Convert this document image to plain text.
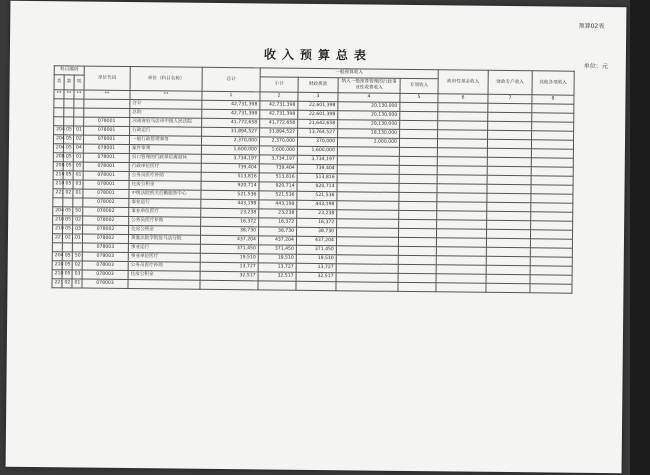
预算02表
收入预算总表
单位：元
科目编码			单位代码	单位（科目名称）	总计	一般预算收入				政府性基金收入	财政专户收入	其他各项收入
类	款	项				小计	财政拨款	纳入一般预算管理的行政事业性收费收入	专项收入			
**	**	**	**	**	1	2	3	4	5	6	7	8
				合计	42,731,398	42,731,398	22,601,398	20,130,000				
				总院	42,731,398	42,731,398	22,601,398	20,130,000				
			078001	河南省驻马店市中级人民法院	41,772,658	41,772,658	21,642,658	20,130,000				
204	05	01	078001	行政运行	31,894,527	31,894,527	13,764,527	18,130,000				
204	05	02	078001	一般行政管理事务	2,370,000	2,370,000	370,000	2,000,000				
204	05	04	078001	案件审判	1,600,000	1,600,000	1,600,000					
208	05	01	078001	归口管理的行政单位离退休	3,734,197	3,734,197	3,734,197					
208	05	05	078001	行政单位医疗	739,404	739,404	739,404					
210	05	01	078001	公务员医疗补助	513,816	513,816	513,816					
210	05	03	078001	住房公积金	920,714	920,714	920,714					
221	02	01	078001	中级法院机关后勤服务中心	521,536	521,536	521,536					
			078002	事业运行	443,198	443,198	443,198					
204	05	50	078002	事业单位医疗	23,238	23,238	23,238					
210	05	02	078002	公务员医疗补助	16,372	16,372	16,372					
210	05	03	078002	住房公积金	38,730	38,730	38,730					
221	02	01	078002	黄淮法院学院驻马店分院	437,204	437,204	437,204					
			078003	事业运行	371,450	371,450	371,450					
204	05	50	078003	事业单位医疗	19,510	19,510	19,510					
210	05	02	078003	公务员医疗补助	13,727	13,727	13,727					
210	05	03	078003	住房公积金	32,517	32,517	32,517					
221	02	01	078003									
